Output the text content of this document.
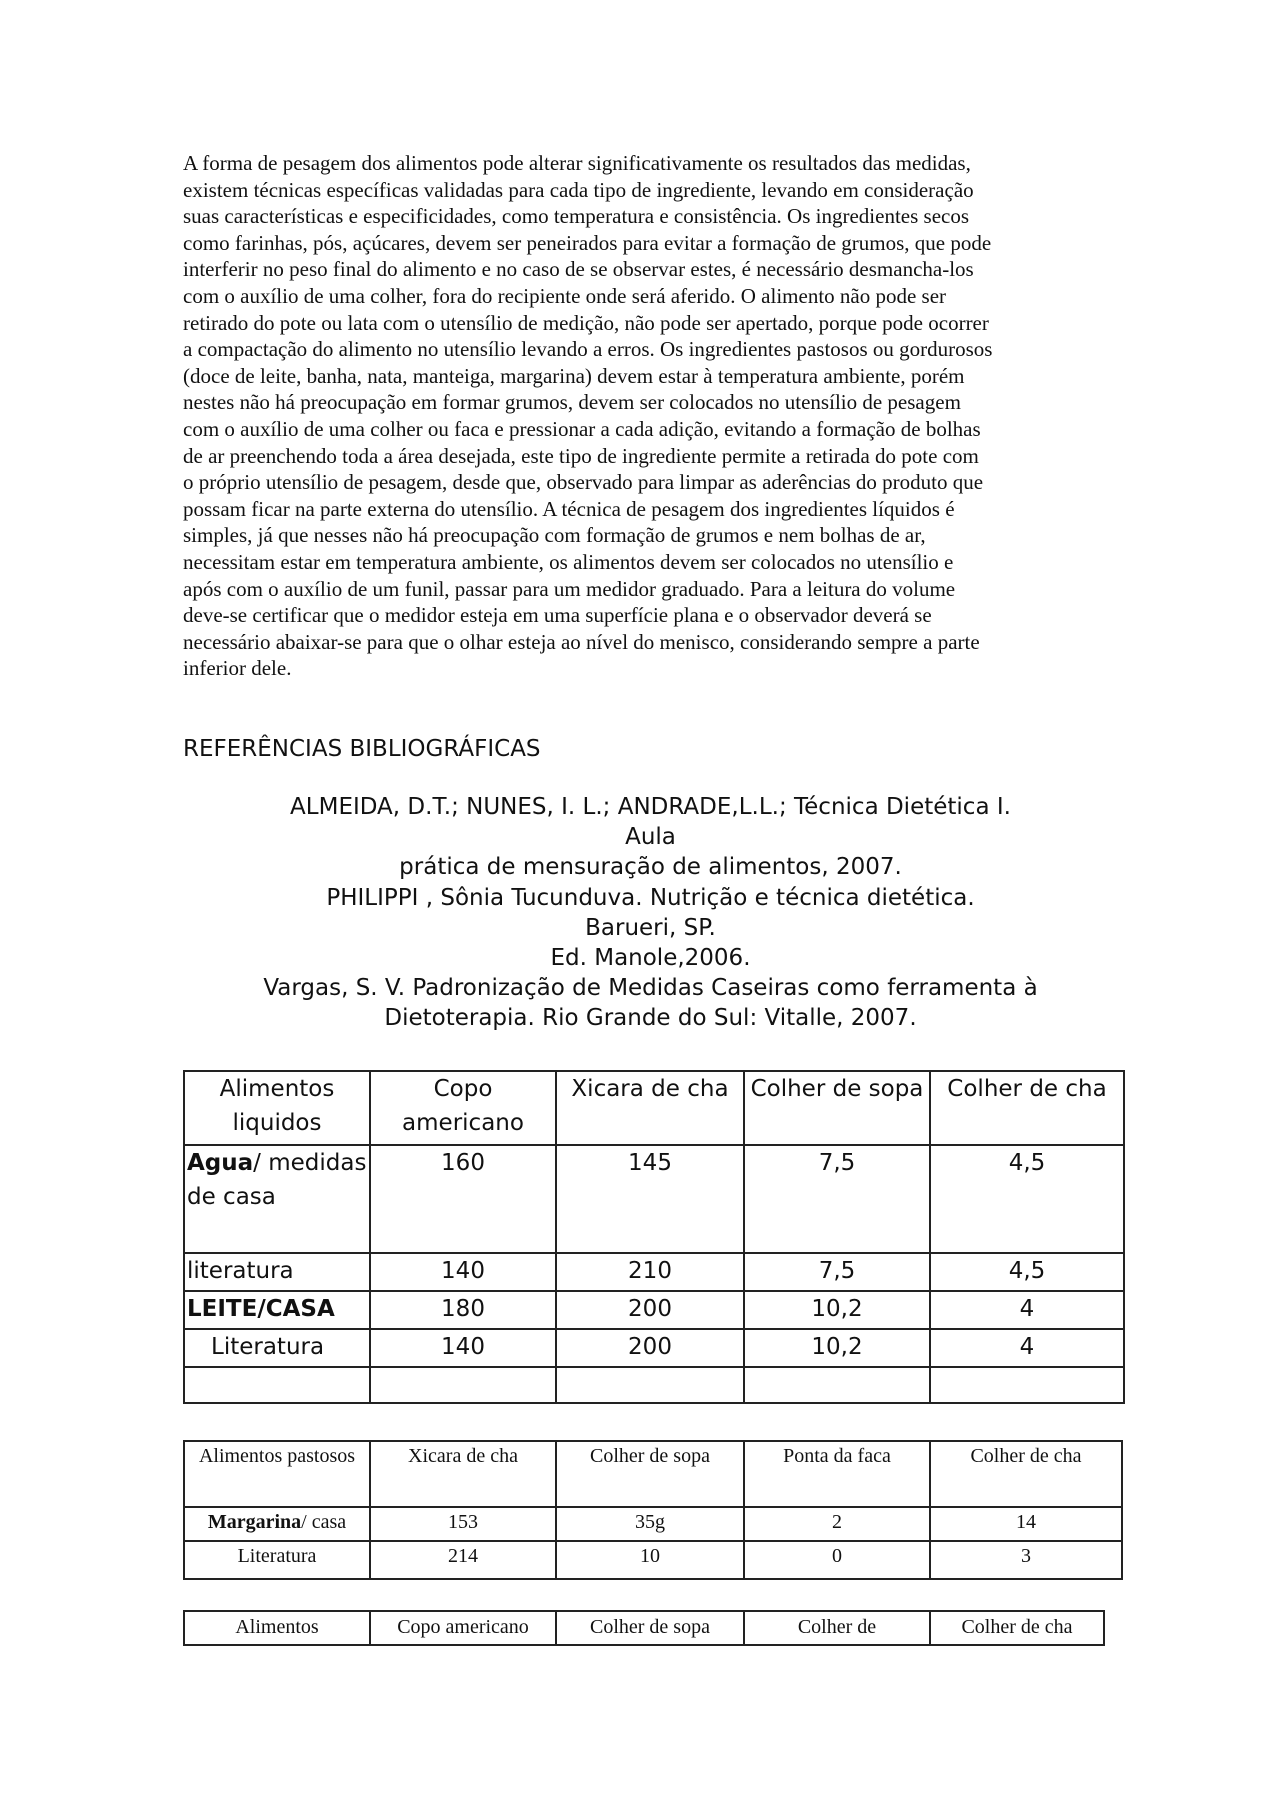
A forma de pesagem dos alimentos pode alterar significativamente os resultados das medidas,
existem técnicas específicas validadas para cada tipo de ingrediente, levando em consideração
suas características e especificidades, como temperatura e consistência. Os ingredientes secos
como farinhas, pós, açúcares, devem ser peneirados para evitar a formação de grumos, que pode
interferir no peso final do alimento e no caso de se observar estes, é necessário desmancha-los
com o auxílio de uma colher, fora do recipiente onde será aferido. O alimento não pode ser
retirado do pote ou lata com o utensílio de medição, não pode ser apertado, porque pode ocorrer
a compactação do alimento no utensílio levando a erros. Os ingredientes pastosos ou gordurosos
(doce de leite, banha, nata, manteiga, margarina) devem estar à temperatura ambiente, porém
nestes não há preocupação em formar grumos, devem ser colocados no utensílio de pesagem
com o auxílio de uma colher ou faca e pressionar a cada adição, evitando a formação de bolhas
de ar preenchendo toda a área desejada, este tipo de ingrediente permite a retirada do pote com
o próprio utensílio de pesagem, desde que, observado para limpar as aderências do produto que
possam ficar na parte externa do utensílio. A técnica de pesagem dos ingredientes líquidos é
simples, já que nesses não há preocupação com formação de grumos e nem bolhas de ar,
necessitam estar em temperatura ambiente, os alimentos devem ser colocados no utensílio e
após com o auxílio de um funil, passar para um medidor graduado. Para a leitura do volume
deve-se certificar que o medidor esteja em uma superfície plana e o observador deverá se
necessário abaixar-se para que o olhar esteja ao nível do menisco, considerando sempre a parte
inferior dele.
REFERÊNCIAS BIBLIOGRÁFICAS
ALMEIDA, D.T.; NUNES, I. L.; ANDRADE,L.L.; Técnica Dietética I.
Aula
prática de mensuração de alimentos, 2007.
PHILIPPI , Sônia Tucunduva. Nutrição e técnica dietética.
Barueri, SP.
Ed. Manole,2006.
Vargas, S. V. Padronização de Medidas Caseiras como ferramenta à
Dietoterapia. Rio Grande do Sul: Vitalle, 2007.
Alimentos liquidos	Copo americano	Xicara de cha	Colher de sopa	Colher de cha
Agua/ medidas de casa	160	145	7,5	4,5
literatura	140	210	7,5	4,5
LEITE/CASA	180	200	10,2	4
Literatura	140	200	10,2	4

Alimentos pastosos	Xicara de cha	Colher de sopa	Ponta da faca	Colher de cha
Margarina/ casa	153	35g	2	14
Literatura	214	10	0	3
Alimentos	Copo americano	Colher de sopa	Colher de	Colher de cha
